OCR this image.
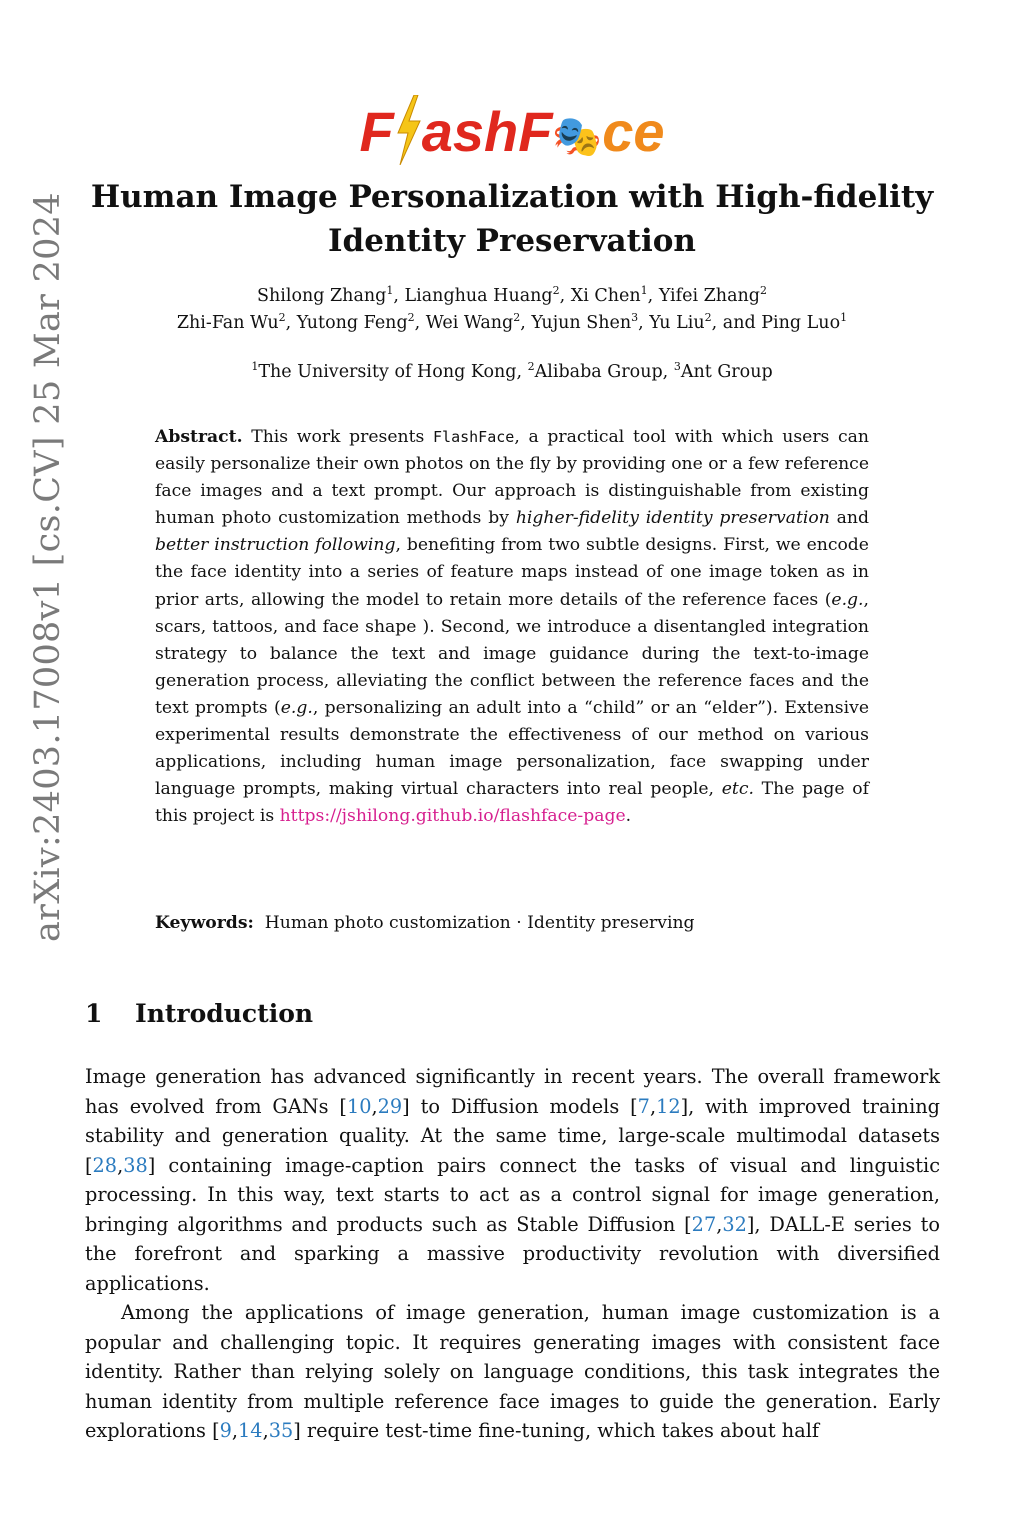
arXiv:2403.17008v1 [cs.CV] 25 Mar 2024
F ashF🎭ce
Human Image Personalization with High-fidelity
Identity Preservation
Shilong Zhang$^1$, Lianghua Huang$^2$, Xi Chen$^1$, Yifei Zhang$^2$
Zhi-Fan Wu$^2$, Yutong Feng$^2$, Wei Wang$^2$, Yujun Shen$^3$, Yu Liu$^2$, and Ping Luo$^1$
$^1$The University of Hong Kong, $^2$Alibaba Group, $^3$Ant Group
Abstract. This work presents FlashFace, a practical tool with which users can easily personalize their own photos on the fly by providing one or a few reference face images and a text prompt. Our approach is distinguishable from existing human photo customization methods by higher-fidelity identity preservation and better instruction following, benefiting from two subtle designs. First, we encode the face identity into a series of feature maps instead of one image token as in prior arts, allowing the model to retain more details of the reference faces (e.g., scars, tattoos, and face shape ). Second, we introduce a disentangled integration strategy to balance the text and image guidance during the text-to-image generation process, alleviating the conflict between the reference faces and the text prompts (e.g., personalizing an adult into a “child” or an “elder”). Extensive experimental results demonstrate the effectiveness of our method on various applications, including human image personalization, face swapping under language prompts, making virtual characters into real people, etc. The page of this project is https://jshilong.github.io/flashface-page.
Keywords: Human photo customization · Identity preserving
1 Introduction

Image generation has advanced significantly in recent years. The overall framework has evolved from GANs [10,29] to Diffusion models [7,12], with improved training stability and generation quality. At the same time, large-scale multimodal datasets [28,38] containing image-caption pairs connect the tasks of visual and linguistic processing. In this way, text starts to act as a control signal for image generation, bringing algorithms and products such as Stable Diffusion [27,32], DALL-E series to the forefront and sparking a massive productivity revolution with diversified applications.

Among the applications of image generation, human image customization is a popular and challenging topic. It requires generating images with consistent face identity. Rather than relying solely on language conditions, this task integrates the human identity from multiple reference face images to guide the generation. Early explorations [9,14,35] require test-time fine-tuning, which takes about half
